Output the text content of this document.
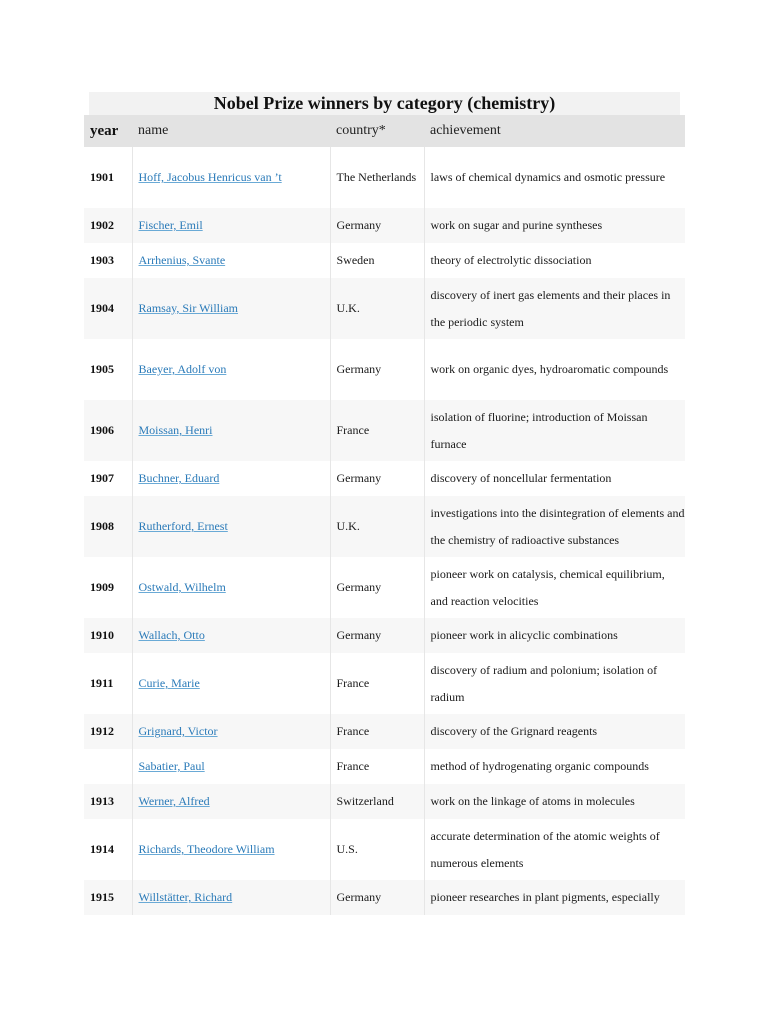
Nobel Prize winners by category (chemistry)
year	name	country*	achievement
1901	Hoff, Jacobus Henricus van ’t	The Netherlands	laws of chemical dynamics and osmotic pressure
1902	Fischer, Emil	Germany	work on sugar and purine syntheses
1903	Arrhenius, Svante	Sweden	theory of electrolytic dissociation
1904	Ramsay, Sir William	U.K.	discovery of inert gas elements and their places in the periodic system
1905	Baeyer, Adolf von	Germany	work on organic dyes, hydroaromatic compounds
1906	Moissan, Henri	France	isolation of fluorine; introduction of Moissan furnace
1907	Buchner, Eduard	Germany	discovery of noncellular fermentation
1908	Rutherford, Ernest	U.K.	investigations into the disintegration of elements and the chemistry of radioactive substances
1909	Ostwald, Wilhelm	Germany	pioneer work on catalysis, chemical equilibrium, and reaction velocities
1910	Wallach, Otto	Germany	pioneer work in alicyclic combinations
1911	Curie, Marie	France	discovery of radium and polonium; isolation of radium
1912	Grignard, Victor	France	discovery of the Grignard reagents
	Sabatier, Paul	France	method of hydrogenating organic compounds
1913	Werner, Alfred	Switzerland	work on the linkage of atoms in molecules
1914	Richards, Theodore William	U.S.	accurate determination of the atomic weights of numerous elements
1915	Willstätter, Richard	Germany	pioneer researches in plant pigments, especially
